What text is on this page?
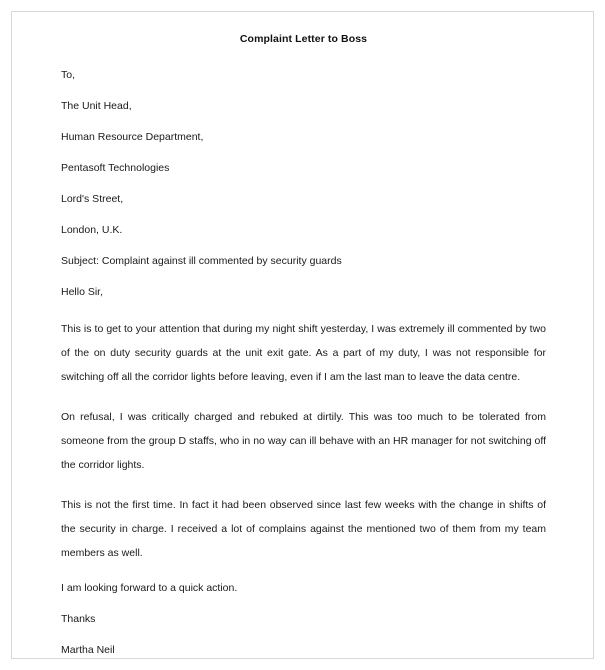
Complaint Letter to Boss
To,
The Unit Head,
Human Resource Department,
Pentasoft Technologies
Lord's Street,
London, U.K.
Subject: Complaint against ill commented by security guards
Hello Sir,

This is to get to your attention that during my night shift yesterday, I was extremely ill commented by two of the on duty security guards at the unit exit gate. As a part of my duty, I was not responsible for switching off all the corridor lights before leaving, even if I am the last man to leave the data centre.

On refusal, I was critically charged and rebuked at dirtily. This was too much to be tolerated from someone from the group D staffs, who in no way can ill behave with an HR manager for not switching off the corridor lights.

This is not the first time. In fact it had been observed since last few weeks with the change in shifts of the security in charge. I received a lot of complains against the mentioned two of them from my team members as well.

I am looking forward to a quick action.
Thanks
Martha Neil
